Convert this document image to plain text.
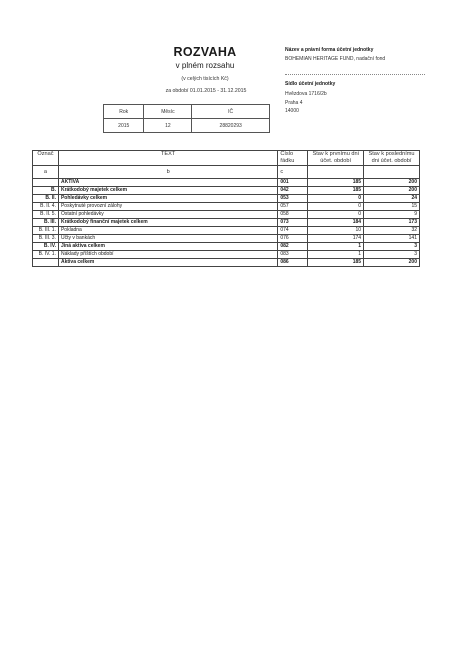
ROZVAHA
v plném rozsahu
(v celých tisících Kč)
za období 01.01.2015 - 31.12.2015
Rok	Měsíc	IČ
2015	12	28820293
Název a právní forma účetní jednotky
BOHEMIAN HERITAGE FUND, nadační fond
Sídlo účetní jednotky
Hvězdova 1716/2b
Praha 4
14000
Označ	TEXT	Číslo řádku	Stav k prvnímu dni účet. období	Stav k poslednímu dni účet. období
a	b	c		
	AKTIVA	001	185	200
B.	Krátkodobý majetek celkem	042	185	200
B. II.	Pohledávky celkem	053	0	24
B. II. 4.	Poskytnuté provozní zálohy	057	0	15
B. II. 5.	Ostatní pohledávky	058	0	9
B. III.	Krátkodobý finanční majetek celkem	073	184	173
B. III. 1.	Pokladna	074	10	32
B. III. 3.	Účty v bankách	076	174	141
B. IV.	Jiná aktiva celkem	082	1	3
B. IV. 1.	Náklady příštích období	083	1	3
	Aktiva celkem	086	185	200
